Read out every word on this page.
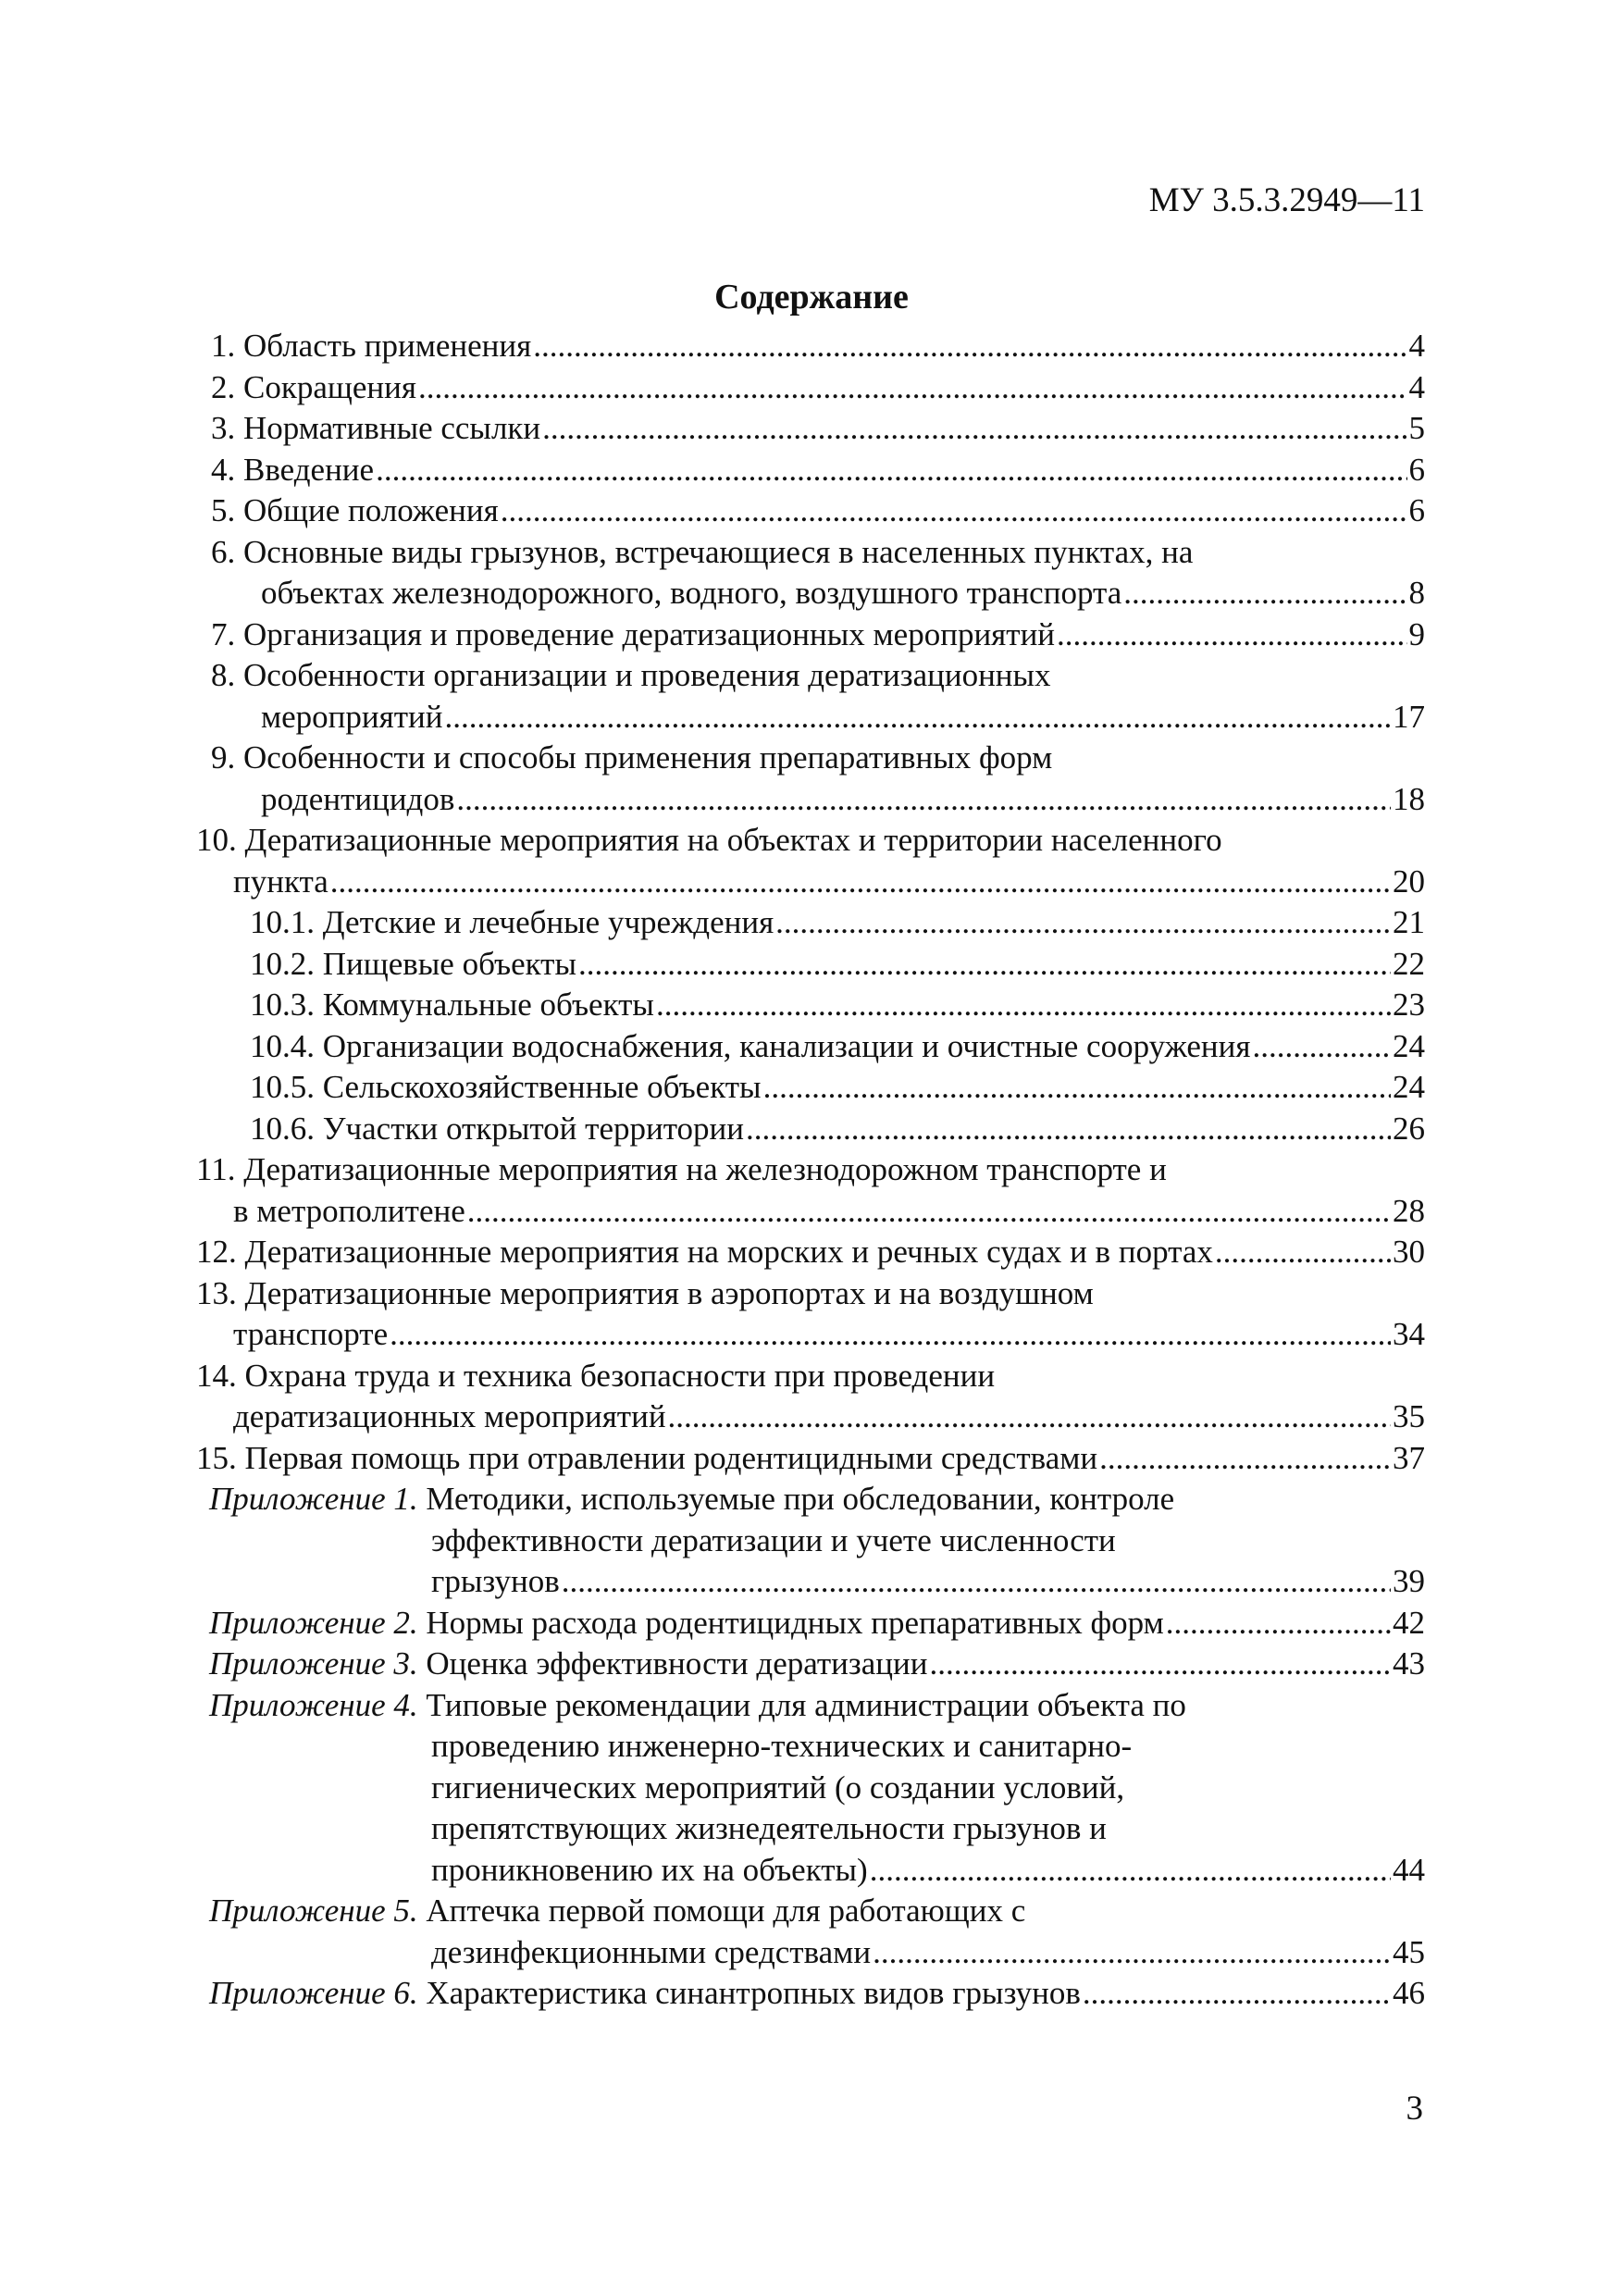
МУ 3.5.3.2949—11
Содержание
1. Область применения .....	4
2. Сокращения .....	4
3. Нормативные ссылки .....	5
4. Введение .....	6
5. Общие положения .....	6
6. Основные виды грызунов, встречающиеся в населенных пунктах, на
объектах железнодорожного, водного, воздушного транспорта .....	8
7. Организация и проведение дератизационных мероприятий .....	9
8. Особенности организации и проведения дератизационных
мероприятий .....	17
9. Особенности и способы применения препаративных форм
родентицидов .....	18
10. Дератизационные мероприятия на объектах и территории населенного
пункта .....	20
10.1. Детские и лечебные учреждения .....	21
10.2. Пищевые объекты .....	22
10.3. Коммунальные объекты .....	23
10.4. Организации водоснабжения, канализации и очистные сооружения .....	24
10.5. Сельскохозяйственные объекты .....	24
10.6. Участки открытой территории .....	26
11. Дератизационные мероприятия на железнодорожном транспорте и
в метрополитене .....	28
12. Дератизационные мероприятия на морских и речных судах и в портах .....	30
13. Дератизационные мероприятия в аэропортах и на воздушном
транспорте .....	34
14. Охрана труда и техника безопасности при проведении
дератизационных мероприятий .....	35
15. Первая помощь при отравлении родентицидными средствами .....	37
Приложение 1. Методики, используемые при обследовании, контроле
эффективности дератизации и учете численности
грызунов .....	39
Приложение 2. Нормы расхода родентицидных препаративных форм .....	42
Приложение 3. Оценка эффективности дератизации .....	43
Приложение 4. Типовые рекомендации для администрации объекта по
проведению инженерно-технических и санитарно-
гигиенических мероприятий (о создании условий,
препятствующих жизнедеятельности грызунов и
проникновению их на объекты) .....	44
Приложение 5. Аптечка первой помощи для работающих с
дезинфекционными средствами .....	45
Приложение 6. Характеристика синантропных видов грызунов .....	46
3
